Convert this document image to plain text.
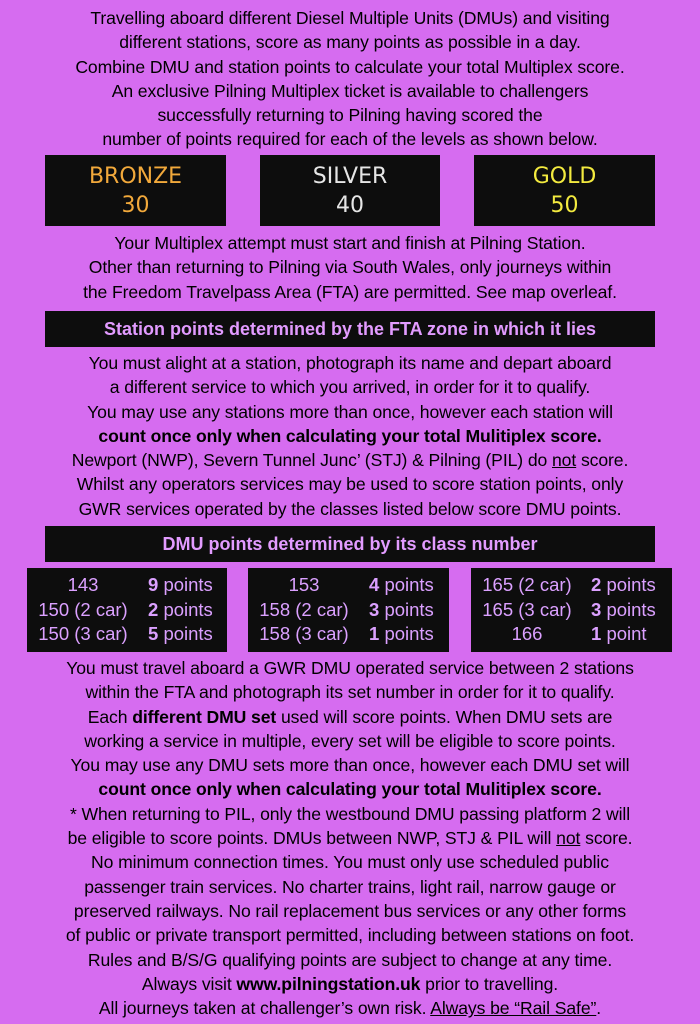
Travelling aboard different Diesel Multiple Units (DMUs) and visiting

different stations, score as many points as possible in a day.

Combine DMU and station points to calculate your total Multiplex score.

An exclusive Pilning Multiplex ticket is available to challengers

successfully returning to Pilning having scored the

number of points required for each of the levels as shown below.

BRONZE
30
SILVER
40
GOLD
50

Your Multiplex attempt must start and finish at Pilning Station.

Other than returning to Pilning via South Wales, only journeys within

the Freedom Travelpass Area (FTA) are permitted. See map overleaf.

Station points determined by the FTA zone in which it lies

You must alight at a station, photograph its name and depart aboard

a different service to which you arrived, in order for it to qualify.

You may use any stations more than once, however each station will

count once only when calculating your total Mulitiplex score.

Newport (NWP), Severn Tunnel Junc’ (STJ) & Pilning (PIL) do not score.

Whilst any operators services may be used to score station points, only

GWR services operated by the classes listed below score DMU points.

DMU points determined by its class number
143	9 points
150 (2 car)	2 points
150 (3 car)	5 points
153	4 points
158 (2 car)	3 points
158 (3 car)	1 points
165 (2 car)	2 points
165 (3 car)	3 points
166	1 point

You must travel aboard a GWR DMU operated service between 2 stations

within the FTA and photograph its set number in order for it to qualify.

Each different DMU set used will score points. When DMU sets are

working a service in multiple, every set will be eligible to score points.

You may use any DMU sets more than once, however each DMU set will

count once only when calculating your total Mulitiplex score.

* When returning to PIL, only the westbound DMU passing platform 2 will

be eligible to score points. DMUs between NWP, STJ & PIL will not score.

No minimum connection times. You must only use scheduled public

passenger train services. No charter trains, light rail, narrow gauge or

preserved railways. No rail replacement bus services or any other forms

of public or private transport permitted, including between stations on foot.

Rules and B/S/G qualifying points are subject to change at any time.

Always visit www.pilningstation.uk prior to travelling.

All journeys taken at challenger’s own risk. Always be “Rail Safe”.
